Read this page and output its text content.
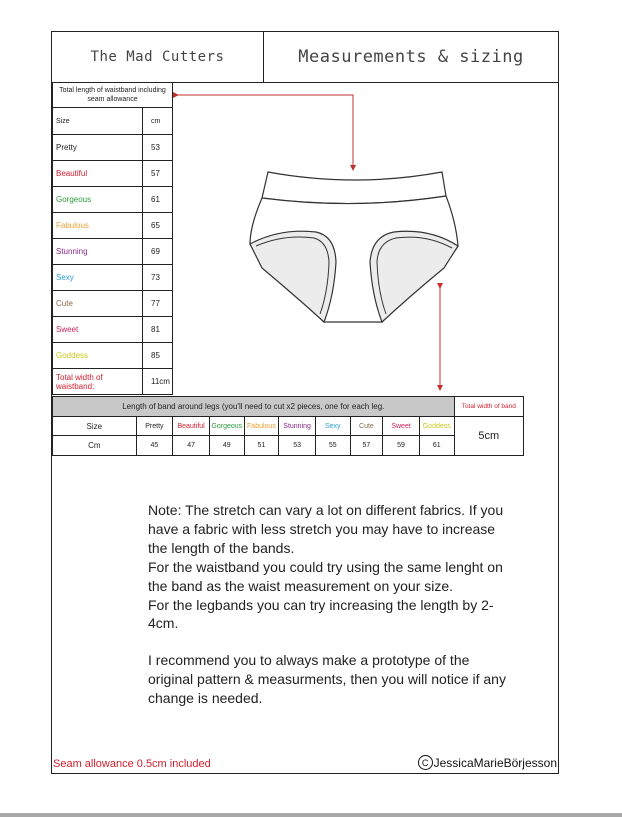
The Mad Cutters	Measurements & sizing
Total length of waistband including seam allowance	
Size	cm
Pretty	53
Beautiful	57
Gorgeous	61
Fabulous	65
Stunning	69
Sexy	73
Cute	77
Sweet	81
Goddess	85
Total width of waistband:	11cm
Length of band around legs (you'll need to cut x2 pieces, one for each leg.										Total width of band
Size	Pretty	Beautiful	Gorgeous	Fabulous	Stunning	Sexy	Cute	Sweet	Goddess	5cm
Cm	45	47	49	51	53	55	57	59	61	

Note: The stretch can vary a lot on different fabrics. If you have a fabric with less stretch you may have to increase the length of the bands.

For the waistband you could try using the same lenght on the band as the waist measurement on your size.

For the legbands you can try increasing the length by 2-4cm.

I recommend you to always make a prototype of the original pattern & measurments, then you will notice if any change is needed.

Seam allowance 0.5cm included	C JessicaMarieBörjesson
